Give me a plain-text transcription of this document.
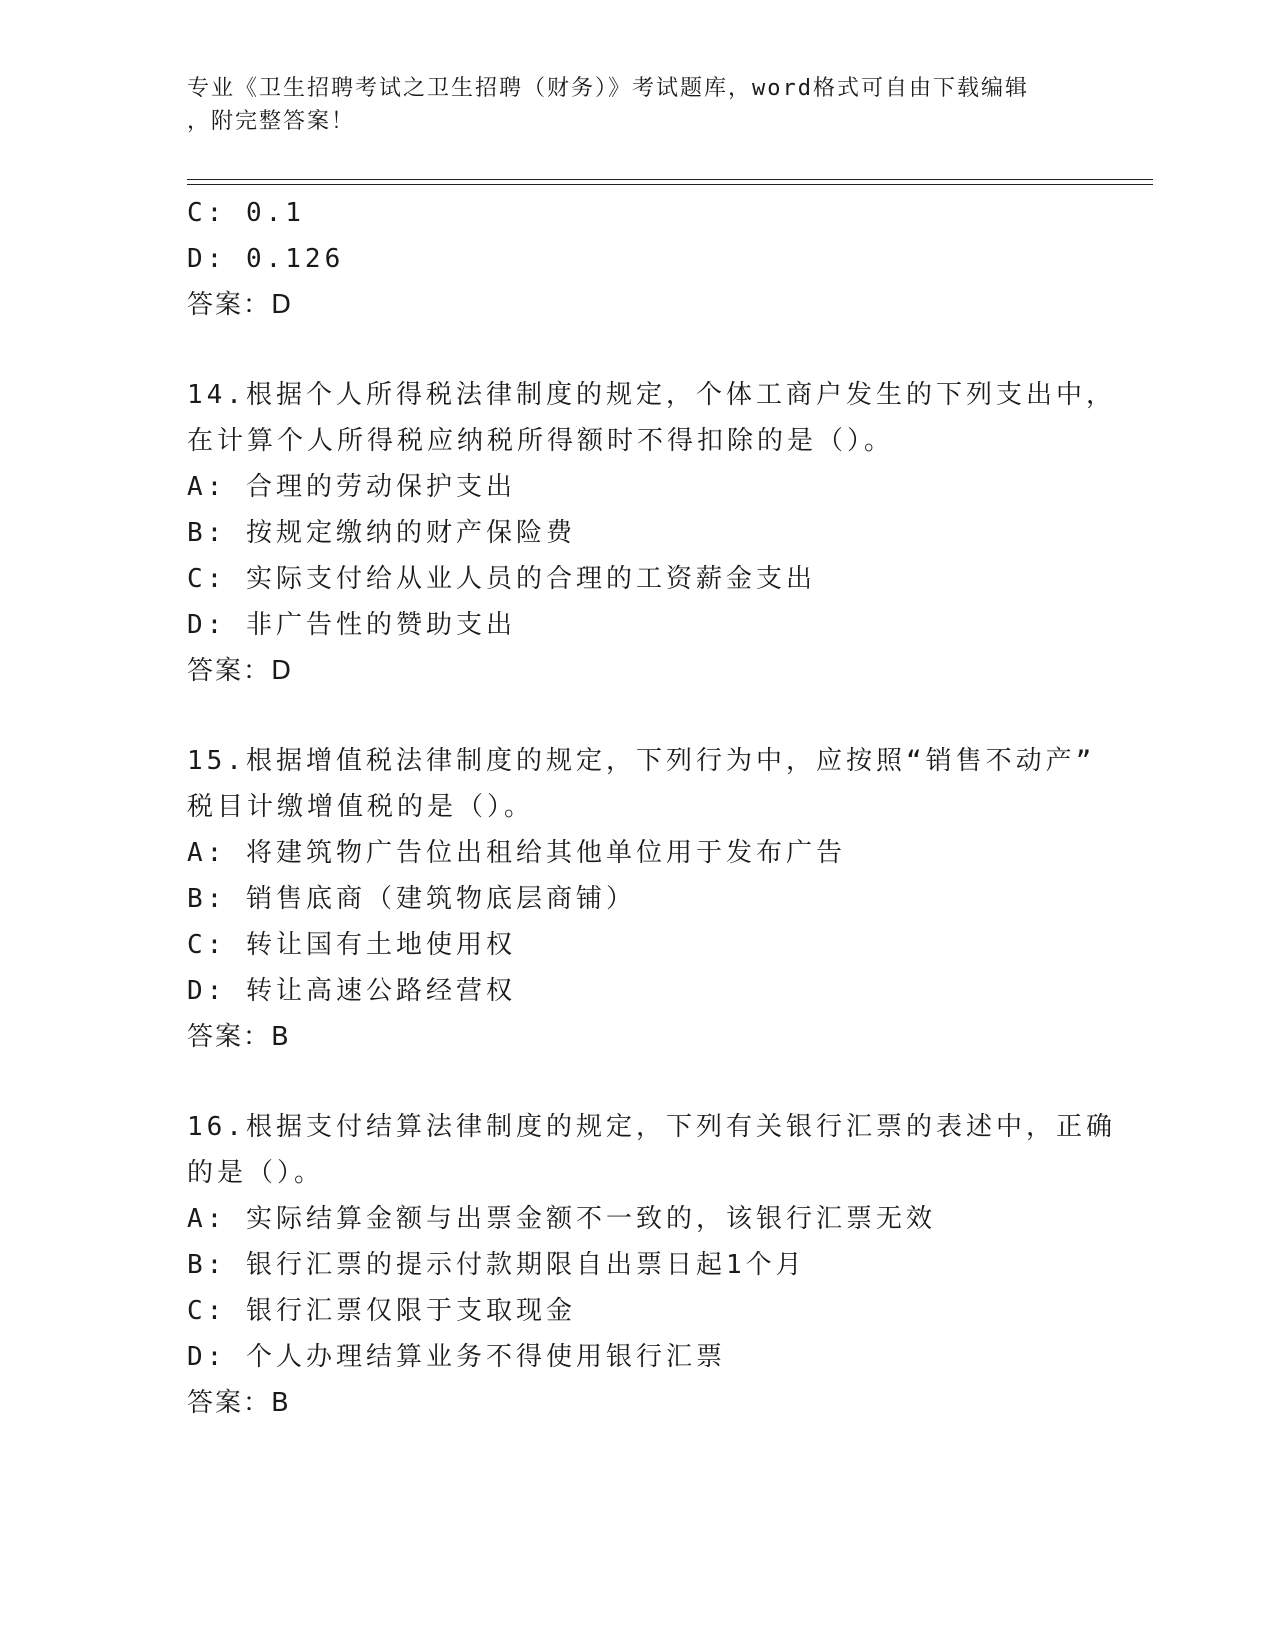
专业《卫生招聘考试之卫生招聘（财务）》考试题库，word格式可自由下载编辑
，附完整答案！
C: 0.1
D: 0.126
答案：D
14.根据个人所得税法律制度的规定，个体工商户发生的下列支出中，
在计算个人所得税应纳税所得额时不得扣除的是（）。
A: 合理的劳动保护支出
B: 按规定缴纳的财产保险费
C: 实际支付给从业人员的合理的工资薪金支出
D: 非广告性的赞助支出
答案：D
15.根据增值税法律制度的规定，下列行为中，应按照“销售不动产”
税目计缴增值税的是（）。
A: 将建筑物广告位出租给其他单位用于发布广告
B: 销售底商（建筑物底层商铺）
C: 转让国有土地使用权
D: 转让高速公路经营权
答案：B
16.根据支付结算法律制度的规定，下列有关银行汇票的表述中，正确
的是（）。
A: 实际结算金额与出票金额不一致的，该银行汇票无效
B: 银行汇票的提示付款期限自出票日起1个月
C: 银行汇票仅限于支取现金
D: 个人办理结算业务不得使用银行汇票
答案：B
